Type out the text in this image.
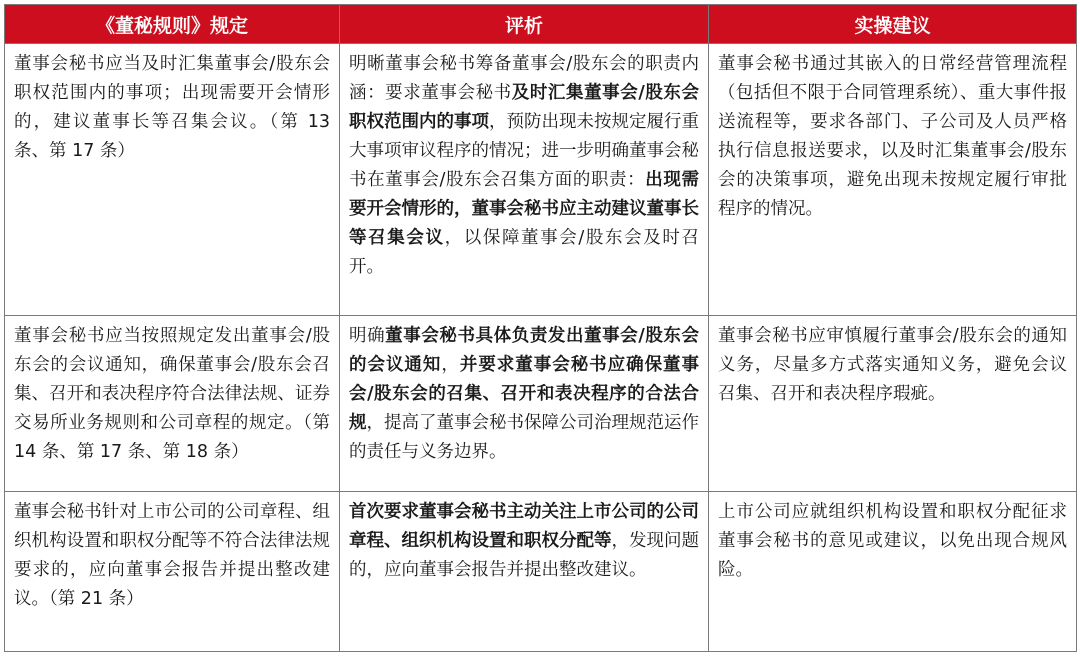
《董秘规则》规定	评析	实操建议
董事会秘书应当及时汇集董事会/股东会职权范围内的事项；出现需要开会情形的，建议董事长等召集会议。（第 13 条、第 17 条）	明晰董事会秘书筹备董事会/股东会的职责内涵：要求董事会秘书及时汇集董事会/股东会职权范围内的事项，预防出现未按规定履行重大事项审议程序的情况；进一步明确董事会秘书在董事会/股东会召集方面的职责：出现需要开会情形的，董事会秘书应主动建议董事长等召集会议，以保障董事会/股东会及时召开。	董事会秘书通过其嵌入的日常经营管理流程（包括但不限于合同管理系统）、重大事件报送流程等，要求各部门、子公司及人员严格执行信息报送要求，以及时汇集董事会/股东会的决策事项，避免出现未按规定履行审批程序的情况。
董事会秘书应当按照规定发出董事会/股东会的会议通知，确保董事会/股东会召集、召开和表决程序符合法律法规、证券交易所业务规则和公司章程的规定。（第 14 条、第 17 条、第 18 条）	明确董事会秘书具体负责发出董事会/股东会的会议通知，并要求董事会秘书应确保董事会/股东会的召集、召开和表决程序的合法合规，提高了董事会秘书保障公司治理规范运作的责任与义务边界。	董事会秘书应审慎履行董事会/股东会的通知义务，尽量多方式落实通知义务，避免会议召集、召开和表决程序瑕疵。
董事会秘书针对上市公司的公司章程、组织机构设置和职权分配等不符合法律法规要求的，应向董事会报告并提出整改建议。（第 21 条）	首次要求董事会秘书主动关注上市公司的公司章程、组织机构设置和职权分配等，发现问题的，应向董事会报告并提出整改建议。	上市公司应就组织机构设置和职权分配征求董事会秘书的意见或建议，以免出现合规风险。
